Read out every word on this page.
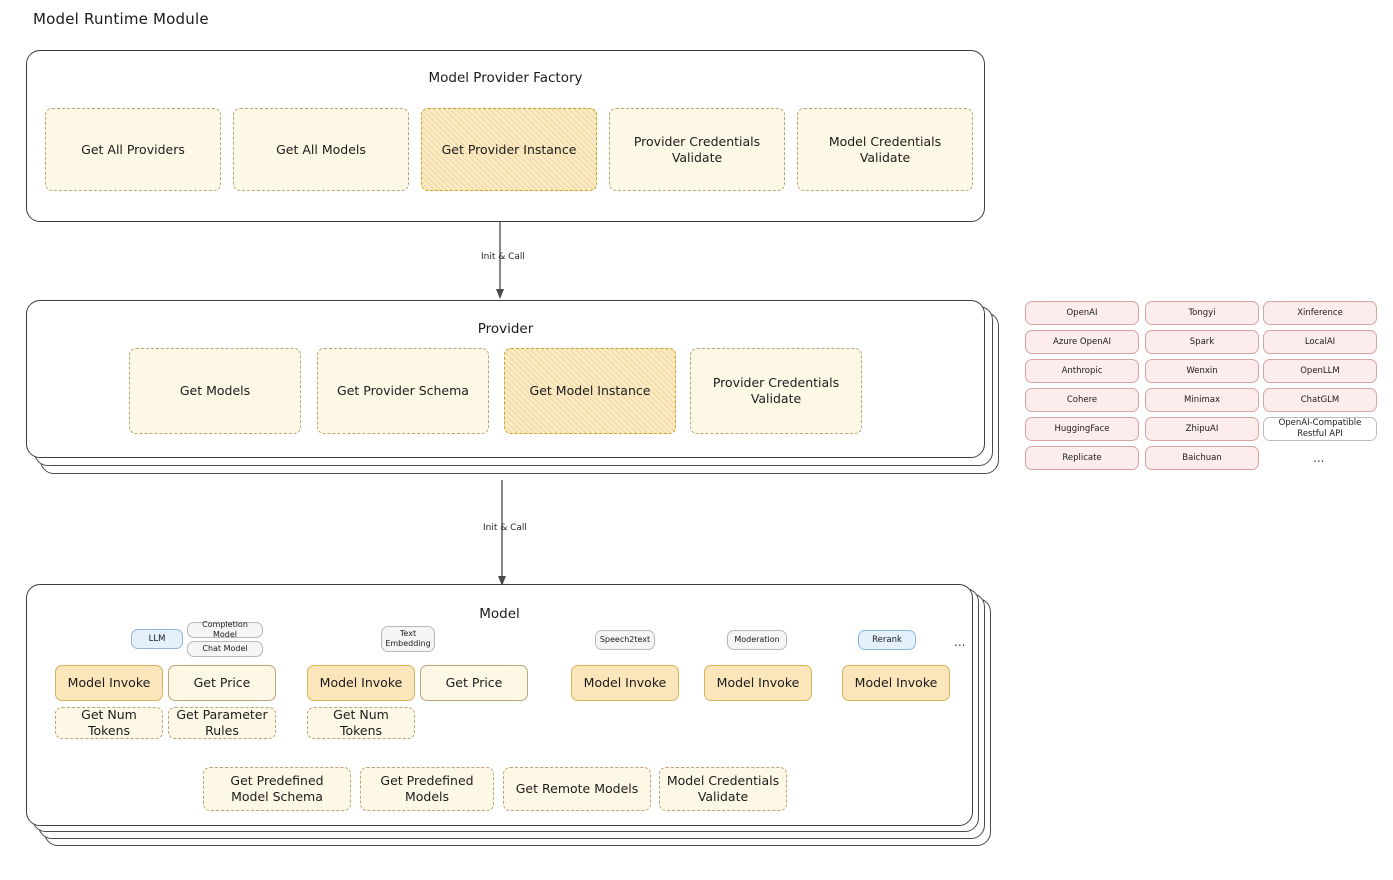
Model Runtime Module
Init & Call
Init & Call
Model Provider Factory
Get All Providers	Get All Models	Get Provider Instance
Provider Credentials Validate
Model Credentials Validate
Provider
Get Models	Get Provider Schema	Get Model Instance
Provider Credentials Validate
OpenAI
Azure OpenAI
Anthropic
Cohere
HuggingFace
Replicate
Tongyi
Spark
Wenxin
Minimax
ZhipuAI
Baichuan
Xinference
LocalAI
OpenLLM
ChatGLM
OpenAI-Compatible Restful API
...
Model
LLM
Completion Model
Chat Model
Text Embedding	Speech2text	Moderation	Rerank	...
Model Invoke	Get Price
Get Num Tokens
Get Parameter Rules
Model Invoke	Get Price
Get Num Tokens
Model Invoke	Model Invoke	Model Invoke
Get Predefined Model Schema
Get Predefined Models
Get Remote Models
Model Credentials Validate
